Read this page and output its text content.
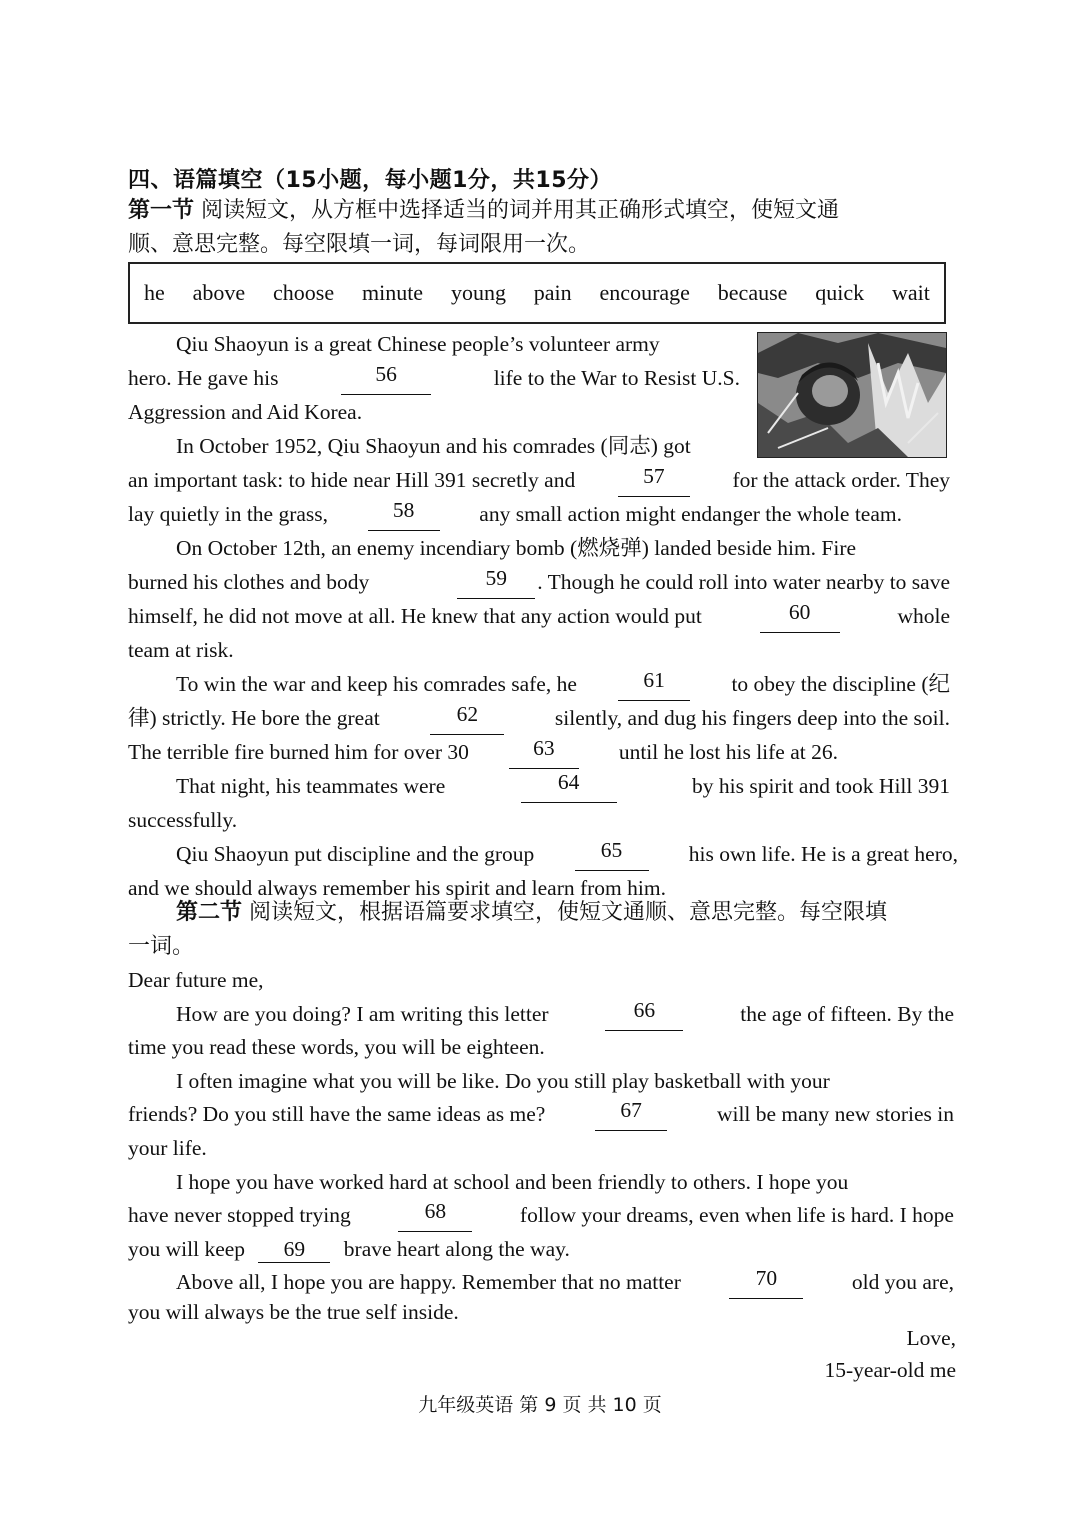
四、语篇填空（15小题，每小题1分，共15分）
第一节 阅读短文，从方框中选择适当的词并用其正确形式填空，使短文通
顺、意思完整。每空限填一词，每词限用一次。
he above choose minute young pain encourage because quick wait
Qiu Shaoyun is a great Chinese people’s volunteer army
hero. He gave his	56	life to the War to Resist U.S.
Aggression and Aid Korea.
In October 1952, Qiu Shaoyun and his comrades (同志) got
an important task: to hide near Hill 391 secretly and	57	for the attack order. They
lay quietly in the grass,	58	any small action might endanger the whole team.
On October 12th, an enemy incendiary bomb (燃烧弹) landed beside him. Fire
burned his clothes and body	59	. Though he could roll into water nearby to save
himself, he did not move at all. He knew that any action would put	60	whole
team at risk.
To win the war and keep his comrades safe, he	61	to obey the discipline (纪
律) strictly. He bore the great	62	silently, and dug his fingers deep into the soil.
The terrible fire burned him for over 30	63	until he lost his life at 26.
That night, his teammates were	64	by his spirit and took Hill 391
successfully.
Qiu Shaoyun put discipline and the group	65	his own life. He is a great hero,
and we should always remember his spirit and learn from him.
第二节 阅读短文，根据语篇要求填空，使短文通顺、意思完整。每空限填
一词。
Dear future me,
How are you doing? I am writing this letter	66	the age of fifteen. By the
time you read these words, you will be eighteen.
I often imagine what you will be like. Do you still play basketball with your
friends? Do you still have the same ideas as me?	67	will be many new stories in
your life.
I hope you have worked hard at school and been friendly to others. I hope you
have never stopped trying	68	follow your dreams, even when life is hard. I hope
you will keep 69 brave heart along the way.
Above all, I hope you are happy. Remember that no matter	70	old you are,
you will always be the true self inside.
Love,
15-year-old me
九年级英语 第 9 页 共 10 页
